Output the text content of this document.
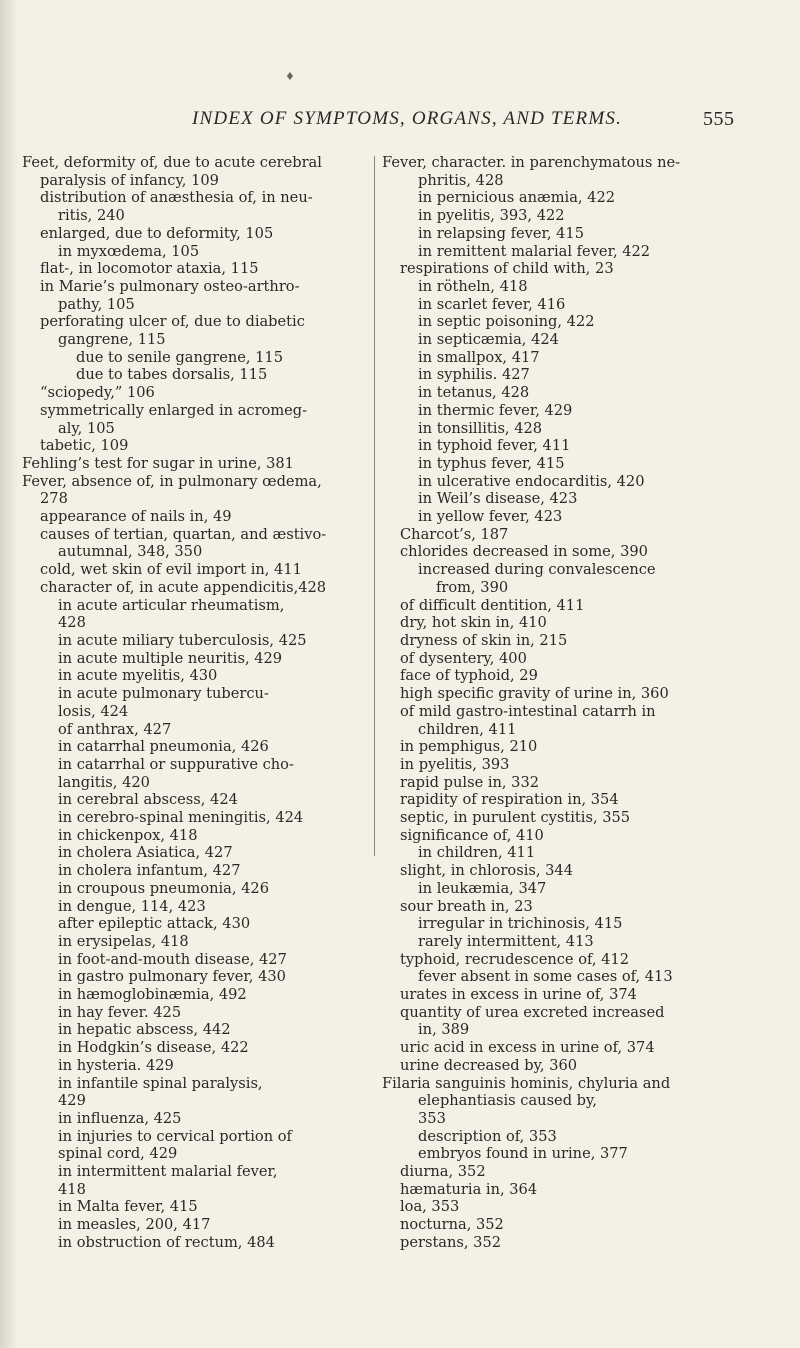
♦
INDEX OF SYMPTOMS, ORGANS, AND TERMS.	555
Feet, deformity of, due to acute cerebral
paralysis of infancy, 109
distribution of anæsthesia of, in neu-
ritis, 240
enlarged, due to deformity, 105
in myxœdema, 105
flat-, in locomotor ataxia, 115
in Marie’s pulmonary osteo-arthro-
pathy, 105
perforating ulcer of, due to diabetic
gangrene, 115
due to senile gangrene, 115
due to tabes dorsalis, 115
“sciopedy,” 106
symmetrically enlarged in acromeg-
aly, 105
tabetic, 109
Fehling’s test for sugar in urine, 381
Fever, absence of, in pulmonary œdema,
278
appearance of nails in, 49
causes of tertian, quartan, and æstivo-
autumnal, 348, 350
cold, wet skin of evil import in, 411
character of, in acute appendicitis,428
in acute articular rheumatism,
428
in acute miliary tuberculosis, 425
in acute multiple neuritis, 429
in acute myelitis, 430
in acute pulmonary tubercu-
losis, 424
of anthrax, 427
in catarrhal pneumonia, 426
in catarrhal or suppurative cho-
langitis, 420
in cerebral abscess, 424
in cerebro-spinal meningitis, 424
in chickenpox, 418
in cholera Asiatica, 427
in cholera infantum, 427
in croupous pneumonia, 426
in dengue, 114, 423
after epileptic attack, 430
in erysipelas, 418
in foot-and-mouth disease, 427
in gastro pulmonary fever, 430
in hæmoglobinæmia, 492
in hay fever. 425
in hepatic abscess, 442
in Hodgkin’s disease, 422
in hysteria. 429
in infantile spinal paralysis,
429
in influenza, 425
in injuries to cervical portion of
spinal cord, 429
in intermittent malarial fever,
418
in Malta fever, 415
in measles, 200, 417
in obstruction of rectum, 484
Fever, character. in parenchymatous ne-
phritis, 428
in pernicious anæmia, 422
in pyelitis, 393, 422
in relapsing fever, 415
in remittent malarial fever, 422
respirations of child with, 23
in rötheln, 418
in scarlet fever, 416
in septic poisoning, 422
in septicæmia, 424
in smallpox, 417
in syphilis. 427
in tetanus, 428
in thermic fever, 429
in tonsillitis, 428
in typhoid fever, 411
in typhus fever, 415
in ulcerative endocarditis, 420
in Weil’s disease, 423
in yellow fever, 423
Charcot’s, 187
chlorides decreased in some, 390
increased during convalescence
from, 390
of difficult dentition, 411
dry, hot skin in, 410
dryness of skin in, 215
of dysentery, 400
face of typhoid, 29
high specific gravity of urine in, 360
of mild gastro-intestinal catarrh in
children, 411
in pemphigus, 210
in pyelitis, 393
rapid pulse in, 332
rapidity of respiration in, 354
septic, in purulent cystitis, 355
significance of, 410
in children, 411
slight, in chlorosis, 344
in leukæmia, 347
sour breath in, 23
irregular in trichinosis, 415
rarely intermittent, 413
typhoid, recrudescence of, 412
fever absent in some cases of, 413
urates in excess in urine of, 374
quantity of urea excreted increased
in, 389
uric acid in excess in urine of, 374
urine decreased by, 360
Filaria sanguinis hominis, chyluria and
elephantiasis caused by,
353
description of, 353
embryos found in urine, 377
diurna, 352
hæmaturia in, 364
loa, 353
nocturna, 352
perstans, 352
